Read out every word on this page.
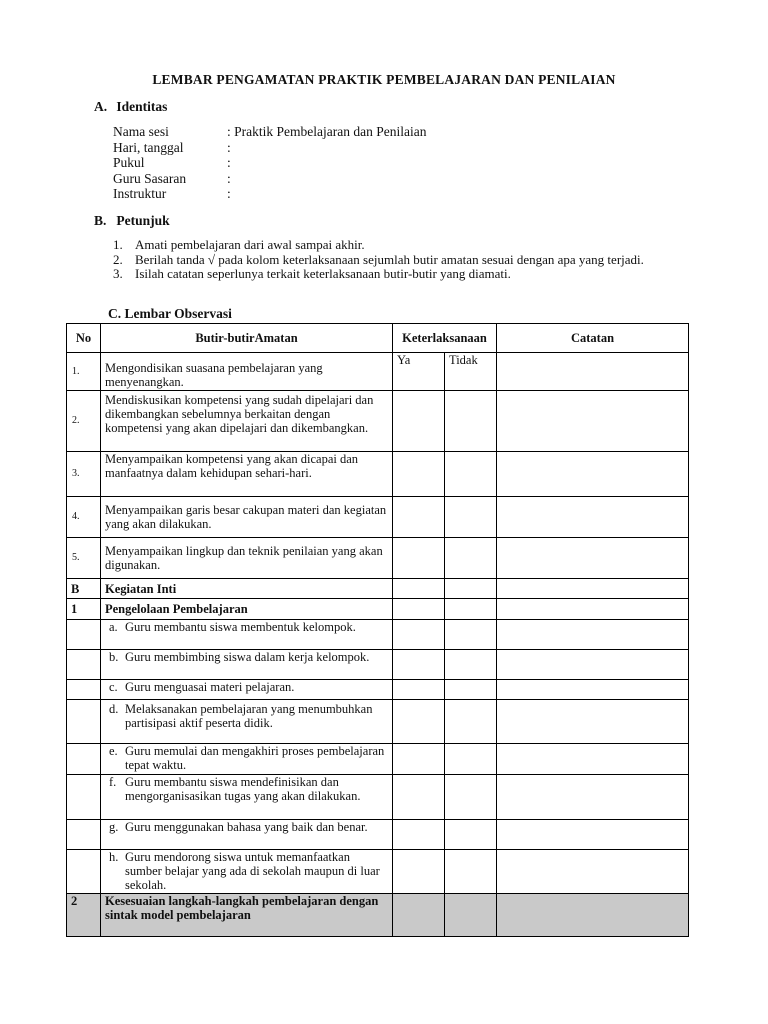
LEMBAR PENGAMATAN PRAKTIK PEMBELAJARAN DAN PENILAIAN
A. Identitas
Nama sesi	: Praktik Pembelajaran dan Penilaian
Hari, tanggal	:
Pukul	:
Guru Sasaran	:
Instruktur	:
B. Petunjuk
1. Amati pembelajaran dari awal sampai akhir.
2. Berilah tanda √ pada kolom keterlaksanaan sejumlah butir amatan sesuai dengan apa yang terjadi.
3. Isilah catatan seperlunya terkait keterlaksanaan butir-butir yang diamati.
C. Lembar Observasi
No	Butir-butirAmatan	Keterlaksanaan		Catatan
1.	Mengondisikan suasana pembelajaran yang menyenangkan.	Ya	Tidak	
2.	Mendiskusikan kompetensi yang sudah dipelajari dan dikembangkan sebelumnya berkaitan dengan kompetensi yang akan dipelajari dan dikembangkan.			
3.	Menyampaikan kompetensi yang akan dicapai dan manfaatnya dalam kehidupan sehari-hari.			
4.	Menyampaikan garis besar cakupan materi dan kegiatan yang akan dilakukan.			
5.	Menyampaikan lingkup dan teknik penilaian yang akan digunakan.			
B	Kegiatan Inti			
1	Pengelolaan Pembelajaran			

	a. Guru membantu siswa membentuk kelompok.			

	b. Guru membimbing siswa dalam kerja kelompok.			

	c. Guru menguasai materi pelajaran.			

	d. Melaksanakan pembelajaran yang menumbuhkan partisipasi aktif peserta didik.			

	e. Guru memulai dan mengakhiri proses pembelajaran tepat waktu.			

	f. Guru membantu siswa mendefinisikan dan mengorganisasikan tugas yang akan dilakukan.			

	g. Guru menggunakan bahasa yang baik dan benar.			

	h. Guru mendorong siswa untuk memanfaatkan sumber belajar yang ada di sekolah maupun di luar sekolah.			

2	Kesesuaian langkah-langkah pembelajaran dengan sintak model pembelajaran			
